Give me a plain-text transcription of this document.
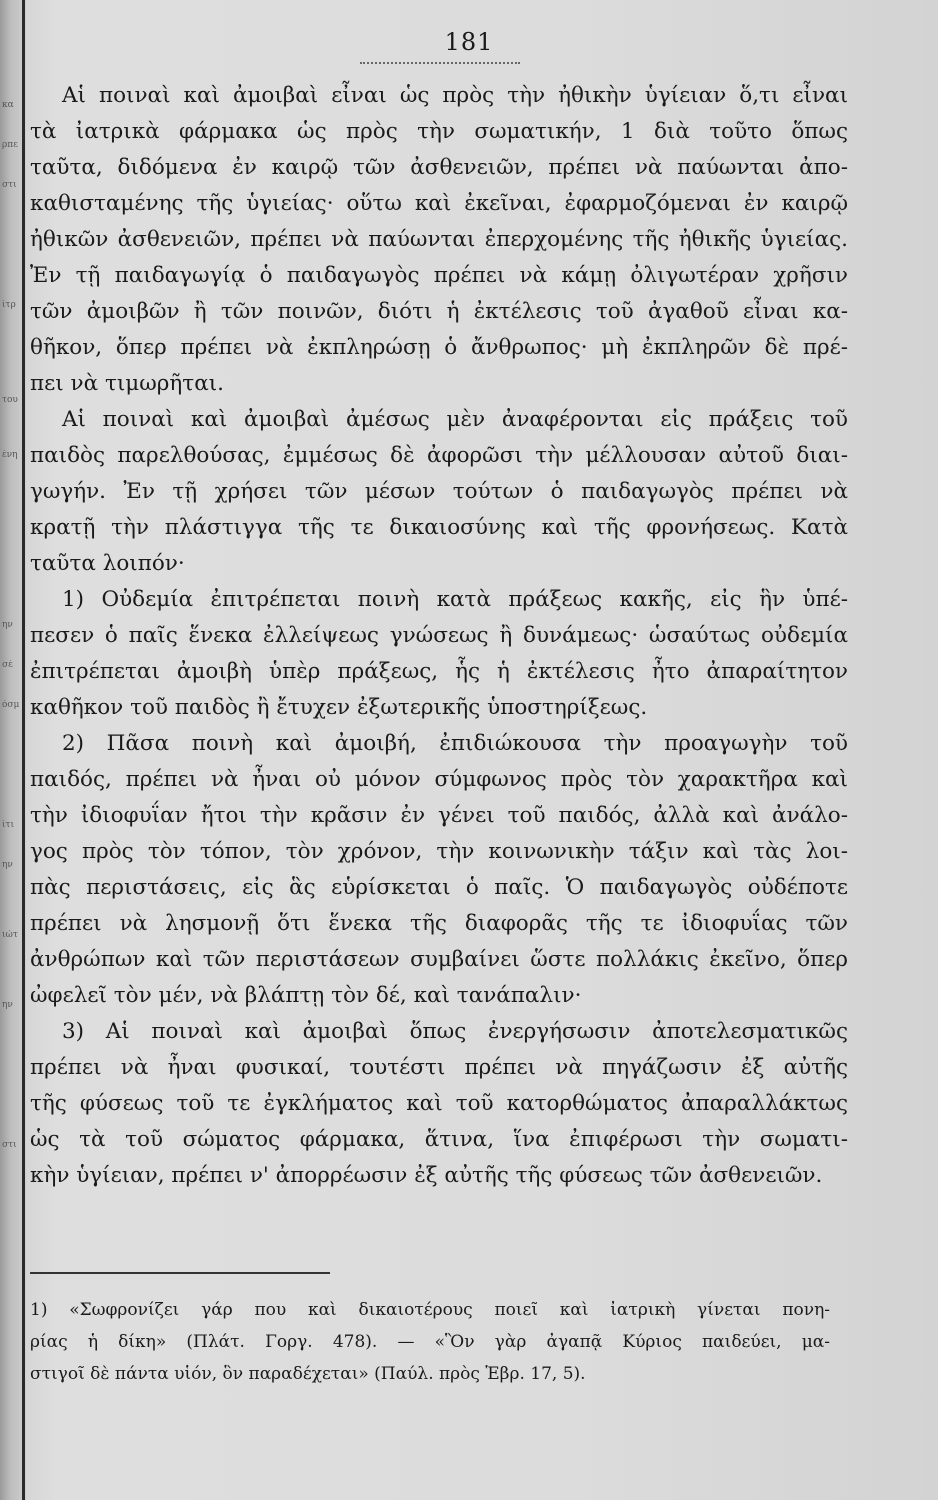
κα
ρπε
στι
ίτρ
του
ένη
ην
σέ
όσμ
ίτι
ην
ιώτ
ην
στι
181
Αἱ ποιναὶ καὶ ἀμοιβαὶ εἶναι ὡς πρὸς τὴν ἠθικὴν ὑγίειαν ὅ,τι εἶναι
τὰ ἰατρικὰ φάρμακα ὡς πρὸς τὴν σωματικήν, 1 διὰ τοῦτο ὅπως
ταῦτα, διδόμενα ἐν καιρῷ τῶν ἀσθενειῶν, πρέπει νὰ παύωνται ἀπο-
καθισταμένης τῆς ὑγιείας· οὕτω καὶ ἐκεῖναι, ἐφαρμοζόμεναι ἐν καιρῷ
ἠθικῶν ἀσθενειῶν, πρέπει νὰ παύωνται ἐπερχομένης τῆς ἠθικῆς ὑγιείας.
Ἐν τῇ παιδαγωγίᾳ ὁ παιδαγωγὸς πρέπει νὰ κάμῃ ὀλιγωτέραν χρῆσιν
τῶν ἀμοιβῶν ἢ τῶν ποινῶν, διότι ἡ ἐκτέλεσις τοῦ ἀγαθοῦ εἶναι κα-
θῆκον, ὅπερ πρέπει νὰ ἐκπληρώσῃ ὁ ἄνθρωπος· μὴ ἐκπληρῶν δὲ πρέ-
πει νὰ τιμωρῆται.
Αἱ ποιναὶ καὶ ἀμοιβαὶ ἀμέσως μὲν ἀναφέρονται εἰς πράξεις τοῦ
παιδὸς παρελθούσας, ἐμμέσως δὲ ἀφορῶσι τὴν μέλλουσαν αὐτοῦ διαι-
γωγήν. Ἐν τῇ χρήσει τῶν μέσων τούτων ὁ παιδαγωγὸς πρέπει νὰ
κρατῇ τὴν πλάστιγγα τῆς τε δικαιοσύνης καὶ τῆς φρονήσεως. Κατὰ
ταῦτα λοιπόν·
1) Οὐδεμία ἐπιτρέπεται ποινὴ κατὰ πράξεως κακῆς, εἰς ἣν ὑπέ-
πεσεν ὁ παῖς ἕνεκα ἐλλείψεως γνώσεως ἢ δυνάμεως· ὡσαύτως οὐδεμία
ἐπιτρέπεται ἀμοιβὴ ὑπὲρ πράξεως, ἧς ἡ ἐκτέλεσις ἦτο ἀπαραίτητον
καθῆκον τοῦ παιδὸς ἢ ἔτυχεν ἐξωτερικῆς ὑποστηρίξεως.
2) Πᾶσα ποινὴ καὶ ἀμοιβή, ἐπιδιώκουσα τὴν προαγωγὴν τοῦ
παιδός, πρέπει νὰ ἦναι οὐ μόνον σύμφωνος πρὸς τὸν χαρακτῆρα καὶ
τὴν ἰδιοφυΐαν ἤτοι τὴν κρᾶσιν ἐν γένει τοῦ παιδός, ἀλλὰ καὶ ἀνάλο-
γος πρὸς τὸν τόπον, τὸν χρόνον, τὴν κοινωνικὴν τάξιν καὶ τὰς λοι-
πὰς περιστάσεις, εἰς ἃς εὑρίσκεται ὁ παῖς. Ὁ παιδαγωγὸς οὐδέποτε
πρέπει νὰ λησμονῇ ὅτι ἕνεκα τῆς διαφορᾶς τῆς τε ἰδιοφυΐας τῶν
ἀνθρώπων καὶ τῶν περιστάσεων συμβαίνει ὥστε πολλάκις ἐκεῖνο, ὅπερ
ὠφελεῖ τὸν μέν, νὰ βλάπτῃ τὸν δέ, καὶ τανάπαλιν·
3) Αἱ ποιναὶ καὶ ἀμοιβαὶ ὅπως ἐνεργήσωσιν ἀποτελεσματικῶς
πρέπει νὰ ἦναι φυσικαί, τουτέστι πρέπει νὰ πηγάζωσιν ἐξ αὐτῆς
τῆς φύσεως τοῦ τε ἐγκλήματος καὶ τοῦ κατορθώματος ἀπαραλλάκτως
ὡς τὰ τοῦ σώματος φάρμακα, ἅτινα, ἵνα ἐπιφέρωσι τὴν σωματι-
κὴν ὑγίειαν, πρέπει ν' ἀπορρέωσιν ἐξ αὐτῆς τῆς φύσεως τῶν ἀσθενειῶν.
1) «Σωφρονίζει γάρ που καὶ δικαιοτέρους ποιεῖ καὶ ἰατρικὴ γίνεται πονη-
ρίας ἡ δίκη» (Πλάτ. Γοργ. 478). — «Ὃν γὰρ ἀγαπᾷ Κύριος παιδεύει, μα-
στιγοῖ δὲ πάντα υἱόν, ὃν παραδέχεται» (Παύλ. πρὸς Ἑβρ. 17, 5).
